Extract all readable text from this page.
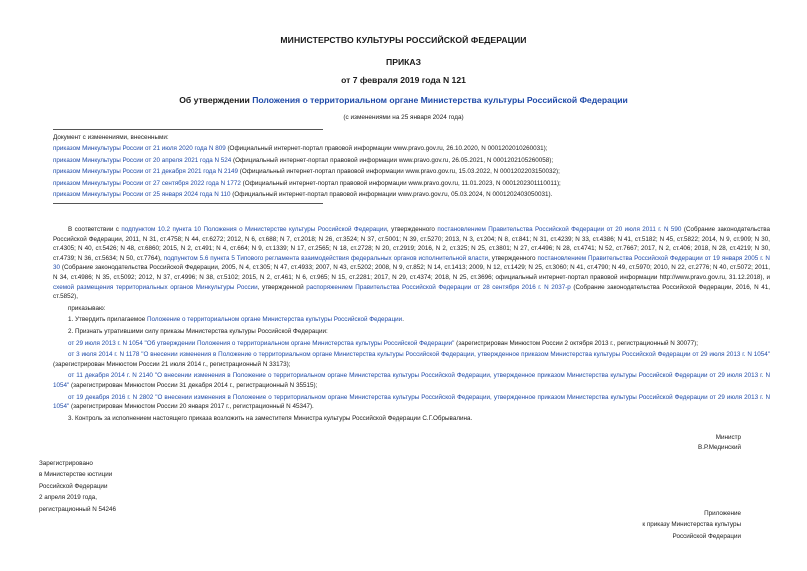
МИНИСТЕРСТВО КУЛЬТУРЫ РОССИЙСКОЙ ФЕДЕРАЦИИ
ПРИКАЗ
от 7 февраля 2019 года N 121
Об утверждении Положения о территориальном органе Министерства культуры Российской Федерации
(с изменениями на 25 января 2024 года)
Документ с изменениями, внесенными:
приказом Минкультуры России от 21 июля 2020 года N 809 (Официальный интернет-портал правовой информации www.pravo.gov.ru, 26.10.2020, N 0001202010260031);
приказом Минкультуры России от 20 апреля 2021 года N 524 (Официальный интернет-портал правовой информации www.pravo.gov.ru, 26.05.2021, N 0001202105260058);
приказом Минкультуры России от 21 декабря 2021 года N 2149 (Официальный интернет-портал правовой информации www.pravo.gov.ru, 15.03.2022, N 0001202203150032);
приказом Минкультуры России от 27 сентября 2022 года N 1772 (Официальный интернет-портал правовой информации www.pravo.gov.ru, 11.01.2023, N 0001202301110011);
приказом Минкультуры России от 25 января 2024 года N 110 (Официальный интернет-портал правовой информации www.pravo.gov.ru, 05.03.2024, N 0001202403050031).

В соответствии с подпунктом 10.2 пункта 10 Положения о Министерстве культуры Российской Федерации, утвержденного постановлением Правительства Российской Федерации от 20 июля 2011 г. N 590 (Собрание законодательства Российской Федерации, 2011, N 31, ст.4758; N 44, ст.6272; 2012, N 6, ст.688; N 7, ст.2018; N 26, ст.3524; N 37, ст.5001; N 39, ст.5270; 2013, N 3, ст.204; N 8, ст.841; N 31, ст.4239; N 33, ст.4386; N 41, ст.5182; N 45, ст.5822; 2014, N 9, ст.909; N 30, ст.4305; N 40, ст.5426; N 48, ст.6860; 2015, N 2, ст.491; N 4, ст.664; N 9, ст.1339; N 17, ст.2565; N 18, ст.2728; N 20, ст.2919; 2016, N 2, ст.325; N 25, ст.3801; N 27, ст.4496; N 28, ст.4741; N 52, ст.7667; 2017, N 2, ст.406; 2018, N 28, ст.4219; N 30, ст.4739; N 36, ст.5634; N 50, ст.7764), подпунктом 5.6 пункта 5 Типового регламента взаимодействия федеральных органов исполнительной власти, утвержденного постановлением Правительства Российской Федерации от 19 января 2005 г. N 30 (Собрание законодательства Российской Федерации, 2005, N 4, ст.305; N 47, ст.4933; 2007, N 43, ст.5202; 2008, N 9, ст.852; N 14, ст.1413; 2009, N 12, ст.1429; N 25, ст.3060; N 41, ст.4790; N 49, ст.5970; 2010, N 22, ст.2776; N 40, ст.5072; 2011, N 34, ст.4986; N 35, ст.5092; 2012, N 37, ст.4996; N 38, ст.5102; 2015, N 2, ст.461; N 6, ст.965; N 15, ст.2281; 2017, N 29, ст.4374; 2018, N 25, ст.3696; официальный интернет-портал правовой информации http://www.pravo.gov.ru, 31.12.2018), и схемой размещения территориальных органов Минкультуры России, утвержденной распоряжением Правительства Российской Федерации от 28 сентября 2016 г. N 2037-р (Собрание законодательства Российской Федерации, 2016, N 41, ст.5852),

приказываю:

1. Утвердить прилагаемое Положение о территориальном органе Министерства культуры Российской Федерации.

2. Признать утратившими силу приказы Министерства культуры Российской Федерации:

от 29 июля 2013 г. N 1054 "Об утверждении Положения о территориальном органе Министерства культуры Российской Федерации" (зарегистрирован Минюстом России 2 октября 2013 г., регистрационный N 30077);

от 3 июля 2014 г. N 1178 "О внесении изменения в Положение о территориальном органе Министерства культуры Российской Федерации, утвержденное приказом Министерства культуры Российской Федерации от 29 июля 2013 г. N 1054" (зарегистрирован Минюстом России 21 июля 2014 г., регистрационный N 33173);

от 11 декабря 2014 г. N 2140 "О внесении изменения в Положение о территориальном органе Министерства культуры Российской Федерации, утвержденное приказом Министерства культуры Российской Федерации от 29 июля 2013 г. N 1054" (зарегистрирован Минюстом России 31 декабря 2014 г., регистрационный N 35515);

от 19 декабря 2016 г. N 2802 "О внесении изменения в Положение о территориальном органе Министерства культуры Российской Федерации, утвержденное приказом Министерства культуры Российской Федерации от 29 июля 2013 г. N 1054" (зарегистрирован Минюстом России 20 января 2017 г., регистрационный N 45347).

3. Контроль за исполнением настоящего приказа возложить на заместителя Министра культуры Российской Федерации С.Г.Обрывалина.

Министр
В.Р.Мединский
Зарегистрировано
в Министерстве юстиции
Российской Федерации
2 апреля 2019 года,
регистрационный N 54246
Приложение
к приказу Министерства культуры
Российской Федерации
